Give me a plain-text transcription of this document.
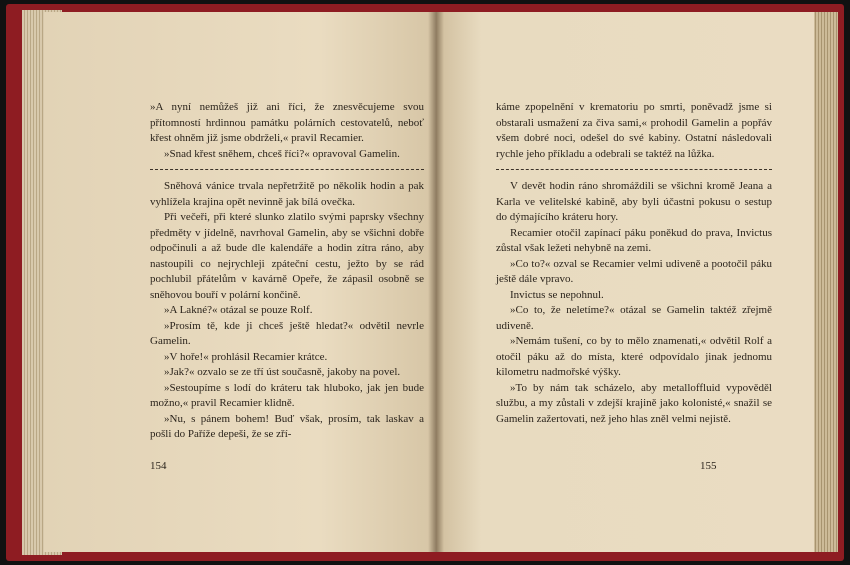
»A nyní nemůžeš již ani říci, že znesvěcujeme svou přítomností hrdinnou památku polárních cestovatelů, neboť křest ohněm již jsme obdrželi,« pravil Recamier.

»Snad křest sněhem, chceš říci?« opravoval Gamelin.

Sněhová vánice trvala nepřetržitě po několik hodin a pak vyhlížela krajina opět nevinně jak bílá ovečka.

Při večeři, při které slunko zlatilo svými paprsky všechny předměty v jídelně, navrhoval Gamelin, aby se všichni dobře odpočinuli a až bude dle kalendáře a hodin zítra ráno, aby nastoupili co nejrychleji zpáteční cestu, ježto by se rád pochlubil přátelům v kavárně Opeře, že zápasil osobně se sněhovou bouří v polární končině.

»A Lakné?« otázal se pouze Rolf.

»Prosím tě, kde ji chceš ještě hledat?« odvětil nevrle Gamelin.

»V hoře!« prohlásil Recamier krátce.

»Jak?« ozvalo se ze tří úst současně, jakoby na povel.

»Sestoupíme s lodí do kráteru tak hluboko, jak jen bude možno,« pravil Recamier klidně.

»Nu, s pánem bohem! Buď však, prosím, tak laskav a pošli do Paříže depeši, že se zří-

154

káme zpopelnění v krematoriu po smrti, poněvadž jsme si obstarali usmažení za čiva sami,« prohodil Gamelin a popřáv všem dobré noci, odešel do své kabiny. Ostatní následovali rychle jeho příkladu a odebrali se taktéž na lůžka.

V devět hodin ráno shromáždili se všichni kromě Jeana a Karla ve velitelské kabině, aby byli účastni pokusu o sestup do dýmajícího kráteru hory.

Recamier otočil zapínací páku poněkud do prava, Invictus zůstal však ležeti nehybně na zemi.

»Co to?« ozval se Recamier velmi udiveně a pootočil páku ještě dále vpravo.

Invictus se nepohnul.

»Co to, že neletíme?« otázal se Gamelin taktéž zřejmě udiveně.

»Nemám tušení, co by to mělo znamenati,« odvětil Rolf a otočil páku až do místa, které odpovídalo jinak jednomu kilometru nadmořské výšky.

»To by nám tak scházelo, aby metalloffluid vypověděl službu, a my zůstali v zdejší krajině jako kolonisté,« snažil se Gamelin zažertovati, než jeho hlas zněl velmi nejistě.

155
